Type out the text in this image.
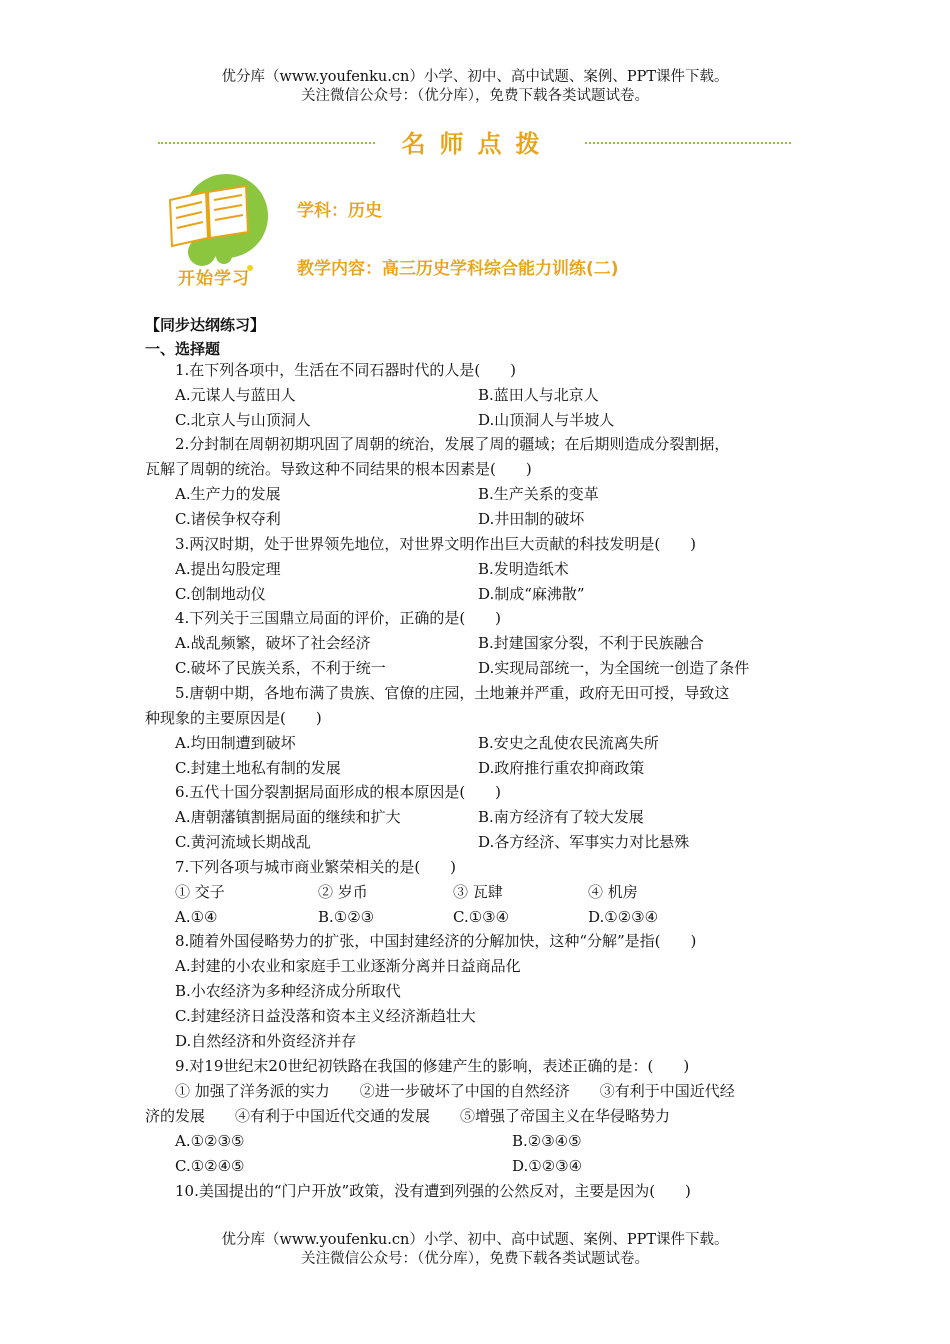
优分库（www.youfenku.cn）小学、初中、高中试题、案例、PPT课件下载。
关注微信公众号：（优分库），免费下载各类试题试卷。
名师点拨
开始学习
学科：历史
教学内容：高三历史学科综合能力训练(二)
【同步达纲练习】
一、选择题
1.在下列各项中，生活在不同石器时代的人是(　　)
A.元谋人与蓝田人	B.蓝田人与北京人
C.北京人与山顶洞人	D.山顶洞人与半坡人
2.分封制在周朝初期巩固了周朝的统治，发展了周的疆域；在后期则造成分裂割据，
瓦解了周朝的统治。导致这种不同结果的根本因素是(　　)
A.生产力的发展	B.生产关系的变革
C.诸侯争权夺利	D.井田制的破坏
3.两汉时期，处于世界领先地位，对世界文明作出巨大贡献的科技发明是(　　)
A.提出勾股定理	B.发明造纸术
C.创制地动仪	D.制成“麻沸散”
4.下列关于三国鼎立局面的评价，正确的是(　　)
A.战乱频繁，破坏了社会经济	B.封建国家分裂，不利于民族融合
C.破坏了民族关系，不利于统一	D.实现局部统一，为全国统一创造了条件
5.唐朝中期，各地布满了贵族、官僚的庄园，土地兼并严重，政府无田可授，导致这
种现象的主要原因是(　　)
A.均田制遭到破坏	B.安史之乱使农民流离失所
C.封建土地私有制的发展	D.政府推行重农抑商政策
6.五代十国分裂割据局面形成的根本原因是(　　)
A.唐朝藩镇割据局面的继续和扩大	B.南方经济有了较大发展
C.黄河流域长期战乱	D.各方经济、军事实力对比悬殊
7.下列各项与城市商业繁荣相关的是(　　)
① 交子	② 岁币	③ 瓦肆	④ 机房
A.①④	B.①②③	C.①③④	D.①②③④
8.随着外国侵略势力的扩张，中国封建经济的分解加快，这种“分解”是指(　　)
A.封建的小农业和家庭手工业逐渐分离并日益商品化
B.小农经济为多种经济成分所取代
C.封建经济日益没落和资本主义经济渐趋壮大
D.自然经济和外资经济并存
9.对19世纪末20世纪初铁路在我国的修建产生的影响，表述正确的是：(　　)
① 加强了洋务派的实力　　②进一步破坏了中国的自然经济　　③有利于中国近代经
济的发展　　④有利于中国近代交通的发展　　⑤增强了帝国主义在华侵略势力
A.①②③⑤	B.②③④⑤
C.①②④⑤	D.①②③④
10.美国提出的“门户开放”政策，没有遭到列强的公然反对，主要是因为(　　)
优分库（www.youfenku.cn）小学、初中、高中试题、案例、PPT课件下载。
关注微信公众号：（优分库），免费下载各类试题试卷。
